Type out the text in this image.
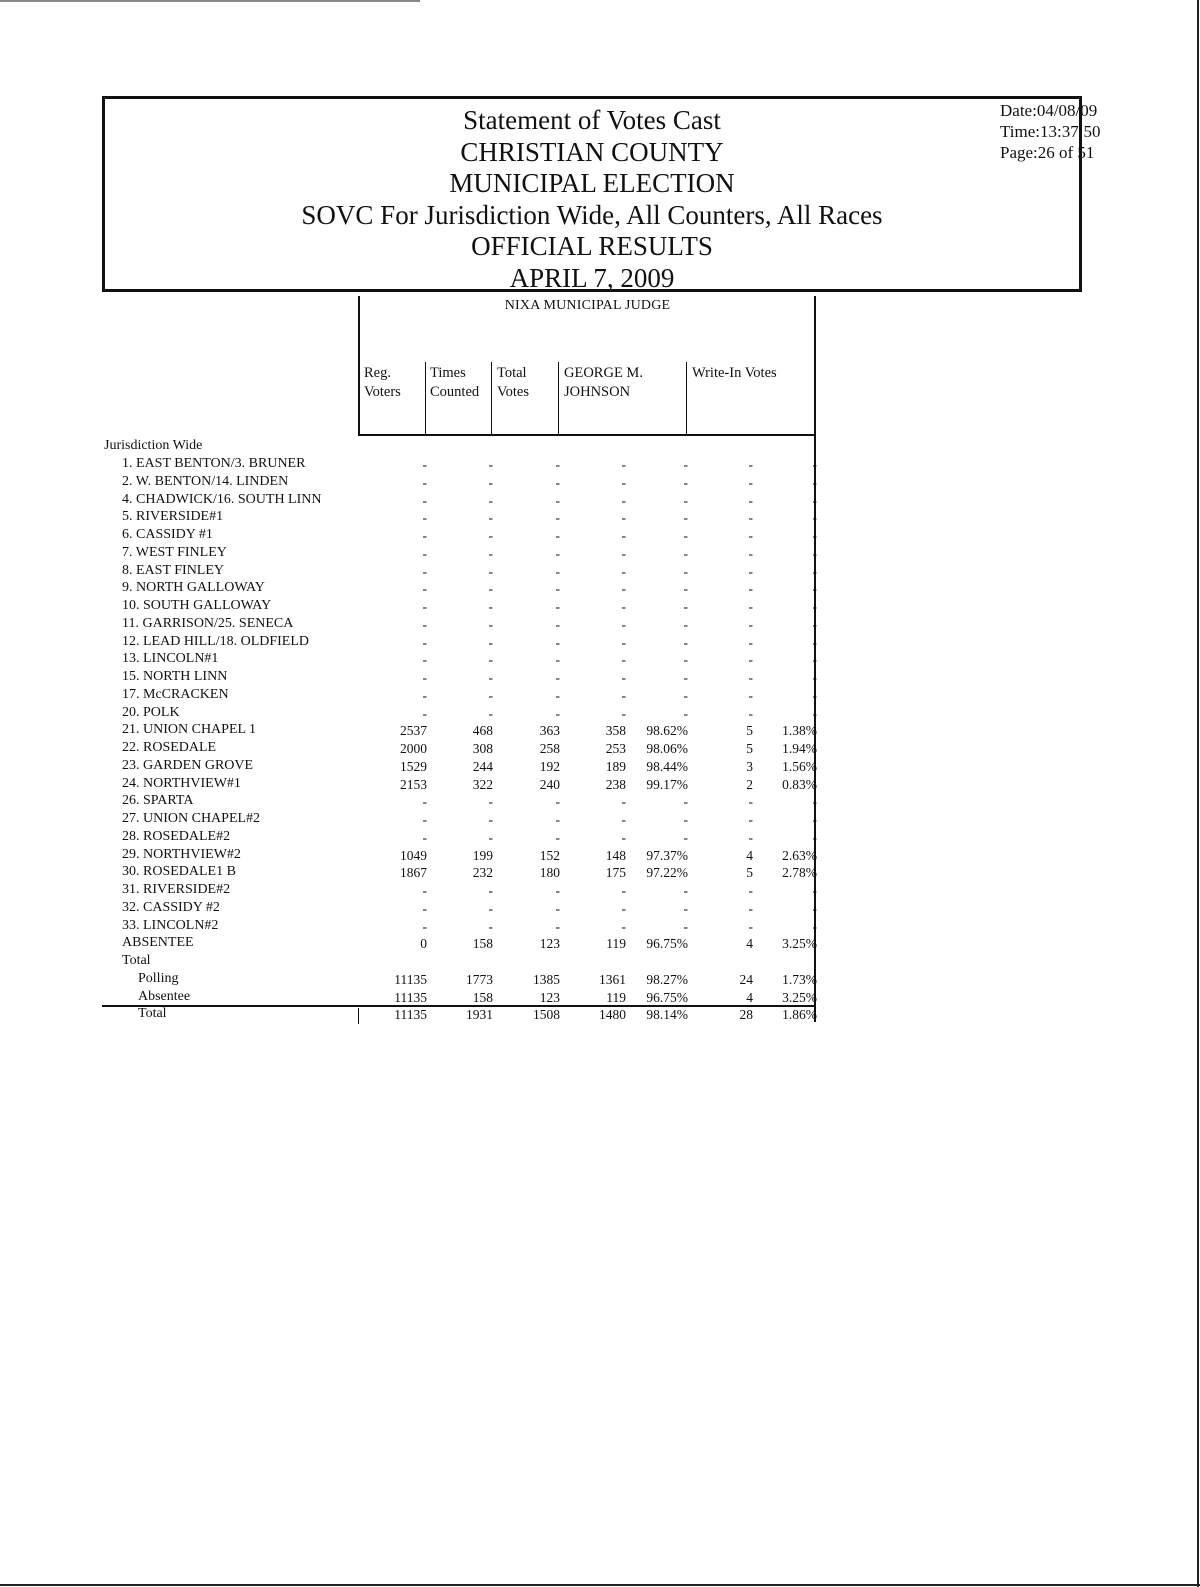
Statement of Votes Cast
CHRISTIAN COUNTY
MUNICIPAL ELECTION
SOVC For Jurisdiction Wide, All Counters, All Races
OFFICIAL RESULTS
APRIL 7, 2009
Date:04/08/09
Time:13:37:50
Page:26 of 51
NIXA MUNICIPAL JUDGE
Reg.
Voters
Times
Counted
Total
Votes
GEORGE M.
JOHNSON
Write-In Votes
Jurisdiction Wide
1. EAST BENTON/3. BRUNER	-	-	-	-	-	-	-
2. W. BENTON/14. LINDEN	-	-	-	-	-	-	-
4. CHADWICK/16. SOUTH LINN	-	-	-	-	-	-	-
5. RIVERSIDE#1	-	-	-	-	-	-	-
6. CASSIDY #1	-	-	-	-	-	-	-
7. WEST FINLEY	-	-	-	-	-	-	-
8. EAST FINLEY	-	-	-	-	-	-	-
9. NORTH GALLOWAY	-	-	-	-	-	-	-
10. SOUTH GALLOWAY	-	-	-	-	-	-	-
11. GARRISON/25. SENECA	-	-	-	-	-	-	-
12. LEAD HILL/18. OLDFIELD	-	-	-	-	-	-	-
13. LINCOLN#1	-	-	-	-	-	-	-
15. NORTH LINN	-	-	-	-	-	-	-
17. McCRACKEN	-	-	-	-	-	-	-
20. POLK	-	-	-	-	-	-	-
21. UNION CHAPEL 1	2537	468	363	358 98.62%	5 1.38%
22. ROSEDALE	2000	308	258	253 98.06%	5 1.94%
23. GARDEN GROVE	1529	244	192	189 98.44%	3 1.56%
24. NORTHVIEW#1	2153	322	240	238 99.17%	2 0.83%
26. SPARTA	-	-	-	-	-	-	-
27. UNION CHAPEL#2	-	-	-	-	-	-	-
28. ROSEDALE#2	-	-	-	-	-	-	-
29. NORTHVIEW#2	1049	199	152	148 97.37%	4 2.63%
30. ROSEDALE1 B	1867	232	180	175 97.22%	5 2.78%
31. RIVERSIDE#2	-	-	-	-	-	-	-
32. CASSIDY #2	-	-	-	-	-	-	-
33. LINCOLN#2	-	-	-	-	-	-	-
ABSENTEE	0	158	123	119 96.75%	4 3.25%
Total
Polling	11135	1773	1385	1361 98.27%	24 1.73%
Absentee	11135	158	123	119 96.75%	4 3.25%
Total	11135	1931	1508	1480 98.14%	28 1.86%
